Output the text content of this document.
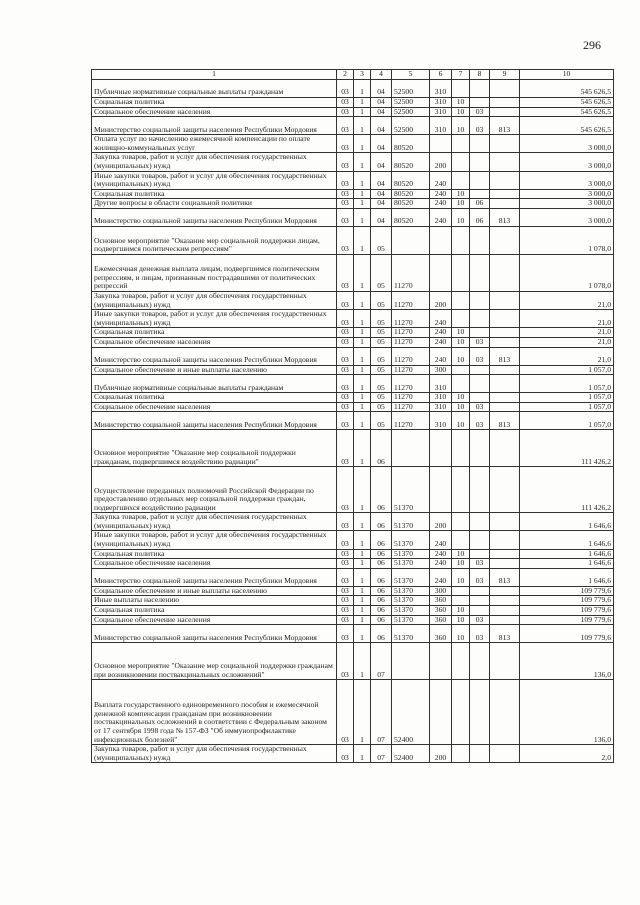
296
1	2	3	4	5	6	7	8	9	10
Публичные нормативные социальные выплаты гражданам	03	1	04	52500	310				545 626,5
Социальная политика	03	1	04	52500	310	10			545 626,5
Социальное обеспечение населения	03	1	04	52500	310	10	03		545 626,5
Министерство социальной защиты населения Республики Мордовия	03	1	04	52500	310	10	03	813	545 626,5
Оплата услуг по начислению ежемесячной компенсации по оплате жилищно-коммунальных услуг	03	1	04	80520					3 000,0
Закупка товаров, работ и услуг для обеспечения государственных (муниципальных) нужд	03	1	04	80520	200				3 000,0
Иные закупки товаров, работ и услуг для обеспечения государственных (муниципальных) нужд	03	1	04	80520	240				3 000,0
Социальная политика	03	1	04	80520	240	10			3 000,0
Другие вопросы в области социальной политики	03	1	04	80520	240	10	06		3 000,0
Министерство социальной защиты населения Республики Мордовия	03	1	04	80520	240	10	06	813	3 000,0
Основное мероприятие "Оказание мер социальной поддержки лицам, подвергшимся политическим репрессиям"	03	1	05						1 078,0
Ежемесячная денежная выплата лицам, подвергшимся политическим репрессиям, и лицам, признанным пострадавшими от политических репрессий	03	1	05	11270					1 078,0
Закупка товаров, работ и услуг для обеспечения государственных (муниципальных) нужд	03	1	05	11270	200				21,0
Иные закупки товаров, работ и услуг для обеспечения государственных (муниципальных) нужд	03	1	05	11270	240				21,0
Социальная политика	03	1	05	11270	240	10			21,0
Социальное обеспечение населения	03	1	05	11270	240	10	03		21,0
Министерство социальной защиты населения Республики Мордовия	03	1	05	11270	240	10	03	813	21,0
Социальное обеспечение и иные выплаты населению	03	1	05	11270	300				1 057,0
Публичные нормативные социальные выплаты гражданам	03	1	05	11270	310				1 057,0
Социальная политика	03	1	05	11270	310	10			1 057,0
Социальное обеспечение населения	03	1	05	11270	310	10	03		1 057,0
Министерство социальной защиты населения Республики Мордовия	03	1	05	11270	310	10	03	813	1 057,0
Основное мероприятие "Оказание мер социальной поддержки гражданам, подвергшимся воздействию радиации"	03	1	06						111 426,2
Осуществление переданных полномочий Российской Федерации по предоставлению отдельных мер социальной поддержки граждан, подвергшихся воздействию радиации	03	1	06	51370					111 426,2
Закупка товаров, работ и услуг для обеспечения государственных (муниципальных) нужд	03	1	06	51370	200				1 646,6
Иные закупки товаров, работ и услуг для обеспечения государственных (муниципальных) нужд	03	1	06	51370	240				1 646,6
Социальная политика	03	1	06	51370	240	10			1 646,6
Социальное обеспечение населения	03	1	06	51370	240	10	03		1 646,6
Министерство социальной защиты населения Республики Мордовия	03	1	06	51370	240	10	03	813	1 646,6
Социальное обеспечение и иные выплаты населению	03	1	06	51370	300				109 779,6
Иные выплаты населению	03	1	06	51370	360				109 779,6
Социальная политика	03	1	06	51370	360	10			109 779,6
Социальное обеспечение населения	03	1	06	51370	360	10	03		109 779,6
Министерство социальной защиты населения Республики Мордовия	03	1	06	51370	360	10	03	813	109 779,6
Основное мероприятие "Оказание мер социальной поддержки гражданам при возникновении поствакцинальных осложнений"	03	1	07						136,0
Выплата государственного единовременного пособия и ежемесячной денежной компенсации гражданам при возникновении поствакцинальных осложнений в соответствии с Федеральным законом от 17 сентября 1998 года № 157-ФЗ "Об иммунопрофилактике инфекционных болезней"	03	1	07	52400					136,0
Закупка товаров, работ и услуг для обеспечения государственных (муниципальных) нужд	03	1	07	52400	200				2,0
